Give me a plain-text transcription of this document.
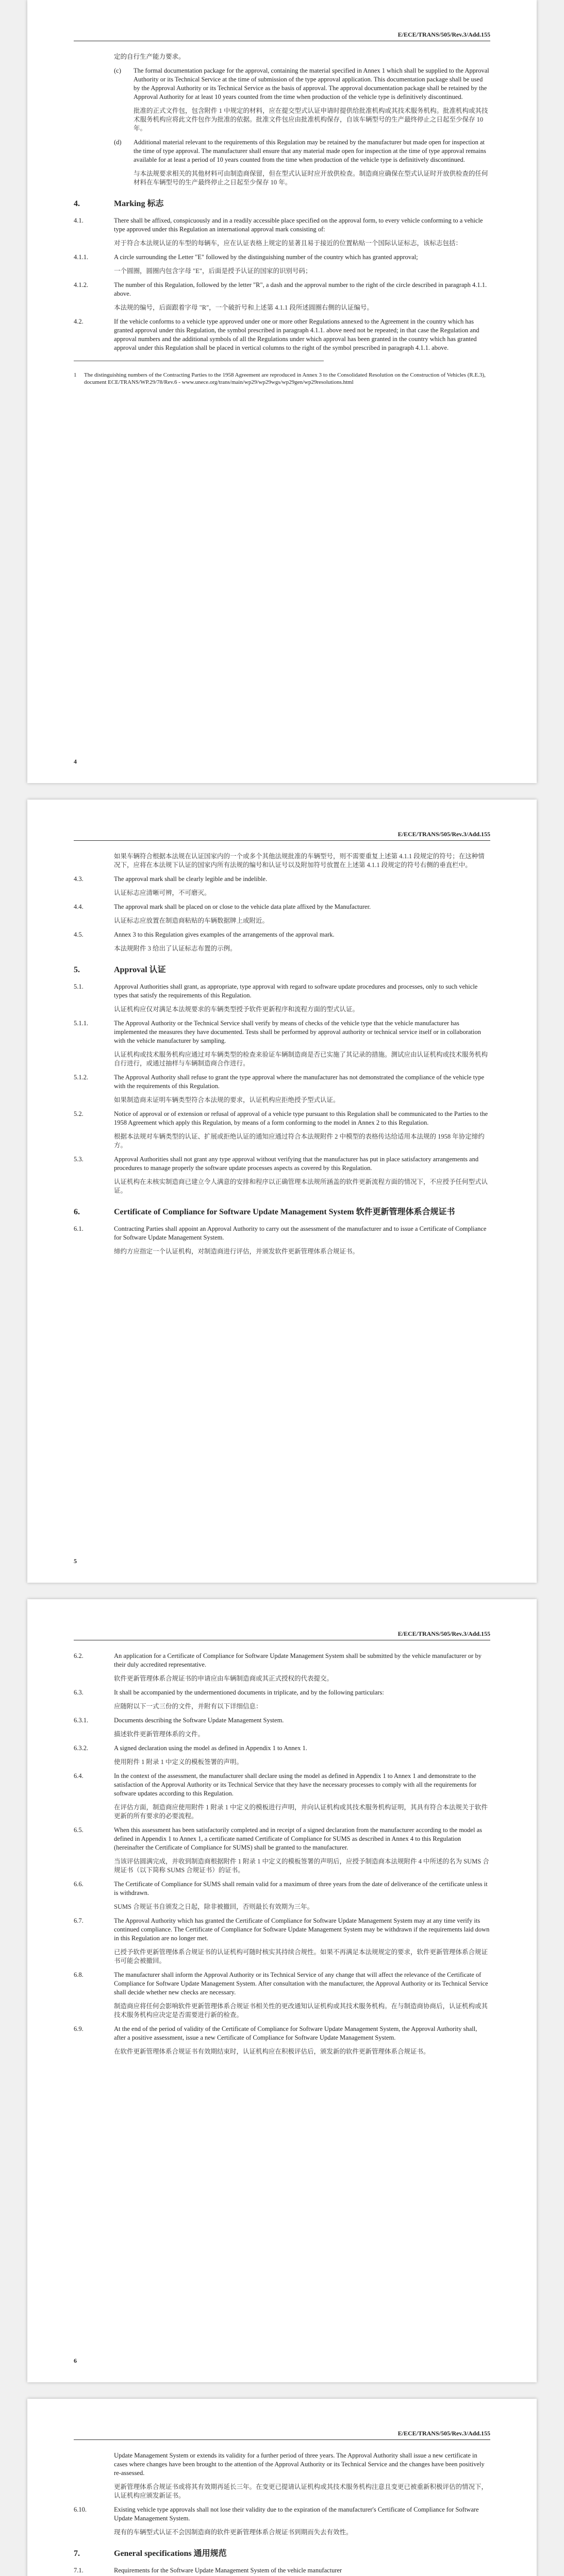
E/ECE/TRANS/505/Rev.3/Add.155

定的自行生产能力要求。

(c)	The formal documentation package for the approval, containing the material specified in Annex 1 which shall be supplied to the Approval Authority or its Technical Service at the time of submission of the type approval application. This documentation package shall be used by the Approval Authority or its Technical Service as the basis of approval. The approval documentation package shall be retained by the Approval Authority for at least 10 years counted from the time when production of the vehicle type is definitively discontinued.
批准的正式文件包，包含附件 1 中规定的材料，应在提交型式认证申请时提供给批准机构或其技术服务机构。批准机构或其技术服务机构应将此文件包作为批准的依据。批准文件包应由批准机构保存，自该车辆型号的生产最终停止之日起至少保存 10 年。
(d)	Additional material relevant to the requirements of this Regulation may be retained by the manufacturer but made open for inspection at the time of type approval. The manufacturer shall ensure that any material made open for inspection at the time of type approval remains available for at least a period of 10 years counted from the time when production of the vehicle type is definitively discontinued.
与本法规要求相关的其他材料可由制造商保留，但在型式认证时应开放供检查。制造商应确保在型式认证时开放供检查的任何材料在车辆型号的生产最终停止之日起至少保存 10 年。
4.	Marking 标志
4.1.	There shall be affixed, conspicuously and in a readily accessible place specified on the approval form, to every vehicle conforming to a vehicle type approved under this Regulation an international approval mark consisting of:
对于符合本法规认证的车型的每辆车，应在认证表格上规定的显著且易于接近的位置粘贴一个国际认证标志，该标志包括：
4.1.1.	A circle surrounding the Letter "E" followed by the distinguishing number of the country which has granted approval;
一个圆圈，圆圈内包含字母 "E"，后面是授予认证的国家的识别号码；
4.1.2.	The number of this Regulation, followed by the letter "R", a dash and the approval number to the right of the circle described in paragraph 4.1.1. above.
本法规的编号，后面跟着字母 "R"，一个破折号和上述第 4.1.1 段所述圆圈右侧的认证编号。
4.2.	If the vehicle conforms to a vehicle type approved under one or more other Regulations annexed to the Agreement in the country which has granted approval under this Regulation, the symbol prescribed in paragraph 4.1.1. above need not be repeated; in that case the Regulation and approval numbers and the additional symbols of all the Regulations under which approval has been granted in the country which has granted approval under this Regulation shall be placed in vertical columns to the right of the symbol prescribed in paragraph 4.1.1. above.
1	The distinguishing numbers of the Contracting Parties to the 1958 Agreement are reproduced in Annex 3 to the Consolidated Resolution on the Construction of Vehicles (R.E.3), document ECE/TRANS/WP.29/78/Rev.6 - www.unece.org/trans/main/wp29/wp29wgs/wp29gen/wp29resolutions.html
4
E/ECE/TRANS/505/Rev.3/Add.155
如果车辆符合根据本法规在认证国家内的一个或多个其他法规批准的车辆型号，则不需要重复上述第 4.1.1 段规定的符号；在这种情况下，应将在本法规下认证的国家内所有法规的编号和认证号以及附加符号放置在上述第 4.1.1 段规定的符号右侧的垂直栏中。
4.3.	The approval mark shall be clearly legible and be indelible.
认证标志应清晰可辨，不可磨灭。
4.4.	The approval mark shall be placed on or close to the vehicle data plate affixed by the Manufacturer.
认证标志应放置在制造商粘贴的车辆数据牌上或附近。
4.5.	Annex 3 to this Regulation gives examples of the arrangements of the approval mark.
本法规附件 3 给出了认证标志布置的示例。
5.	Approval 认证
5.1.	Approval Authorities shall grant, as appropriate, type approval with regard to software update procedures and processes, only to such vehicle types that satisfy the requirements of this Regulation.
认证机构应仅对满足本法规要求的车辆类型授予软件更新程序和流程方面的型式认证。
5.1.1.	The Approval Authority or the Technical Service shall verify by means of checks of the vehicle type that the vehicle manufacturer has implemented the measures they have documented. Tests shall be performed by approval authority or technical service itself or in collaboration with the vehicle manufacturer by sampling.
认证机构或技术服务机构应通过对车辆类型的检查来验证车辆制造商是否已实施了其记录的措施。测试应由认证机构或技术服务机构自行进行，或通过抽样与车辆制造商合作进行。
5.1.2.	The Approval Authority shall refuse to grant the type approval where the manufacturer has not demonstrated the compliance of the vehicle type with the requirements of this Regulation.
如果制造商未证明车辆类型符合本法规的要求，认证机构应拒绝授予型式认证。
5.2.	Notice of approval or of extension or refusal of approval of a vehicle type pursuant to this Regulation shall be communicated to the Parties to the 1958 Agreement which apply this Regulation, by means of a form conforming to the model in Annex 2 to this Regulation.
根据本法规对车辆类型的认证、扩展或拒绝认证的通知应通过符合本法规附件 2 中模型的表格传达给适用本法规的 1958 年协定缔约方。
5.3.	Approval Authorities shall not grant any type approval without verifying that the manufacturer has put in place satisfactory arrangements and procedures to manage properly the software update processes aspects as covered by this Regulation.
认证机构在未核实制造商已建立令人满意的安排和程序以正确管理本法规所涵盖的软件更新流程方面的情况下，不应授予任何型式认证。
6.	Certificate of Compliance for Software Update Management System 软件更新管理体系合规证书
6.1.	Contracting Parties shall appoint an Approval Authority to carry out the assessment of the manufacturer and to issue a Certificate of Compliance for Software Update Management System.
缔约方应指定一个认证机构，对制造商进行评估，并颁发软件更新管理体系合规证书。
5
E/ECE/TRANS/505/Rev.3/Add.155
6.2.	An application for a Certificate of Compliance for Software Update Management System shall be submitted by the vehicle manufacturer or by their duly accredited representative.
软件更新管理体系合规证书的申请应由车辆制造商或其正式授权的代表提交。
6.3.	It shall be accompanied by the undermentioned documents in triplicate, and by the following particulars:
应随附以下一式三份的文件，并附有以下详细信息：
6.3.1.	Documents describing the Software Update Management System.
描述软件更新管理体系的文件。
6.3.2.	A signed declaration using the model as defined in Appendix 1 to Annex 1.
使用附件 1 附录 1 中定义的模板签署的声明。
6.4.	In the context of the assessment, the manufacturer shall declare using the model as defined in Appendix 1 to Annex 1 and demonstrate to the satisfaction of the Approval Authority or its Technical Service that they have the necessary processes to comply with all the requirements for software updates according to this Regulation.
在评估方面，制造商应使用附件 1 附录 1 中定义的模板进行声明，并向认证机构或其技术服务机构证明，其具有符合本法规关于软件更新的所有要求的必要流程。
6.5.	When this assessment has been satisfactorily completed and in receipt of a signed declaration from the manufacturer according to the model as defined in Appendix 1 to Annex 1, a certificate named Certificate of Compliance for SUMS as described in Annex 4 to this Regulation (hereinafter the Certificate of Compliance for SUMS) shall be granted to the manufacturer.
当该评估圆满完成，并收到制造商根据附件 1 附录 1 中定义的模板签署的声明后，应授予制造商本法规附件 4 中所述的名为 SUMS 合规证书（以下简称 SUMS 合规证书）的证书。
6.6.	The Certificate of Compliance for SUMS shall remain valid for a maximum of three years from the date of deliverance of the certificate unless it is withdrawn.
SUMS 合规证书自颁发之日起，除非被撤回，否则最长有效期为三年。
6.7.	The Approval Authority which has granted the Certificate of Compliance for Software Update Management System may at any time verify its continued compliance. The Certificate of Compliance for Software Update Management System may be withdrawn if the requirements laid down in this Regulation are no longer met.
已授予软件更新管理体系合规证书的认证机构可随时核实其持续合规性。如果不再满足本法规规定的要求，软件更新管理体系合规证书可能会被撤回。
6.8.	The manufacturer shall inform the Approval Authority or its Technical Service of any change that will affect the relevance of the Certificate of Compliance for Software Update Management System. After consultation with the manufacturer, the Approval Authority or its Technical Service shall decide whether new checks are necessary.
制造商应将任何会影响软件更新管理体系合规证书相关性的更改通知认证机构或其技术服务机构。在与制造商协商后，认证机构或其技术服务机构应决定是否需要进行新的检查。
6.9.	At the end of the period of validity of the Certificate of Compliance for Software Update Management System, the Approval Authority shall, after a positive assessment, issue a new Certificate of Compliance for Software Update Management System.
在软件更新管理体系合规证书有效期结束时，认证机构应在积极评估后，颁发新的软件更新管理体系合规证书。
6
E/ECE/TRANS/505/Rev.3/Add.155
Update Management System or extends its validity for a further period of three years. The Approval Authority shall issue a new certificate in cases where changes have been brought to the attention of the Approval Authority or its Technical Service and the changes have been positively re-assessed.
更新管理体系合规证书或将其有效期再延长三年。在变更已提请认证机构或其技术服务机构注意且变更已被重新积极评估的情况下，认证机构应颁发新证书。
6.10.	Existing vehicle type approvals shall not lose their validity due to the expiration of the manufacturer's Certificate of Compliance for Software Update Management System.
现有的车辆型式认证不会因制造商的软件更新管理体系合规证书到期而失去有效性。
7.	General specifications 通用规范
7.1.	Requirements for the Software Update Management System of the vehicle manufacturer
